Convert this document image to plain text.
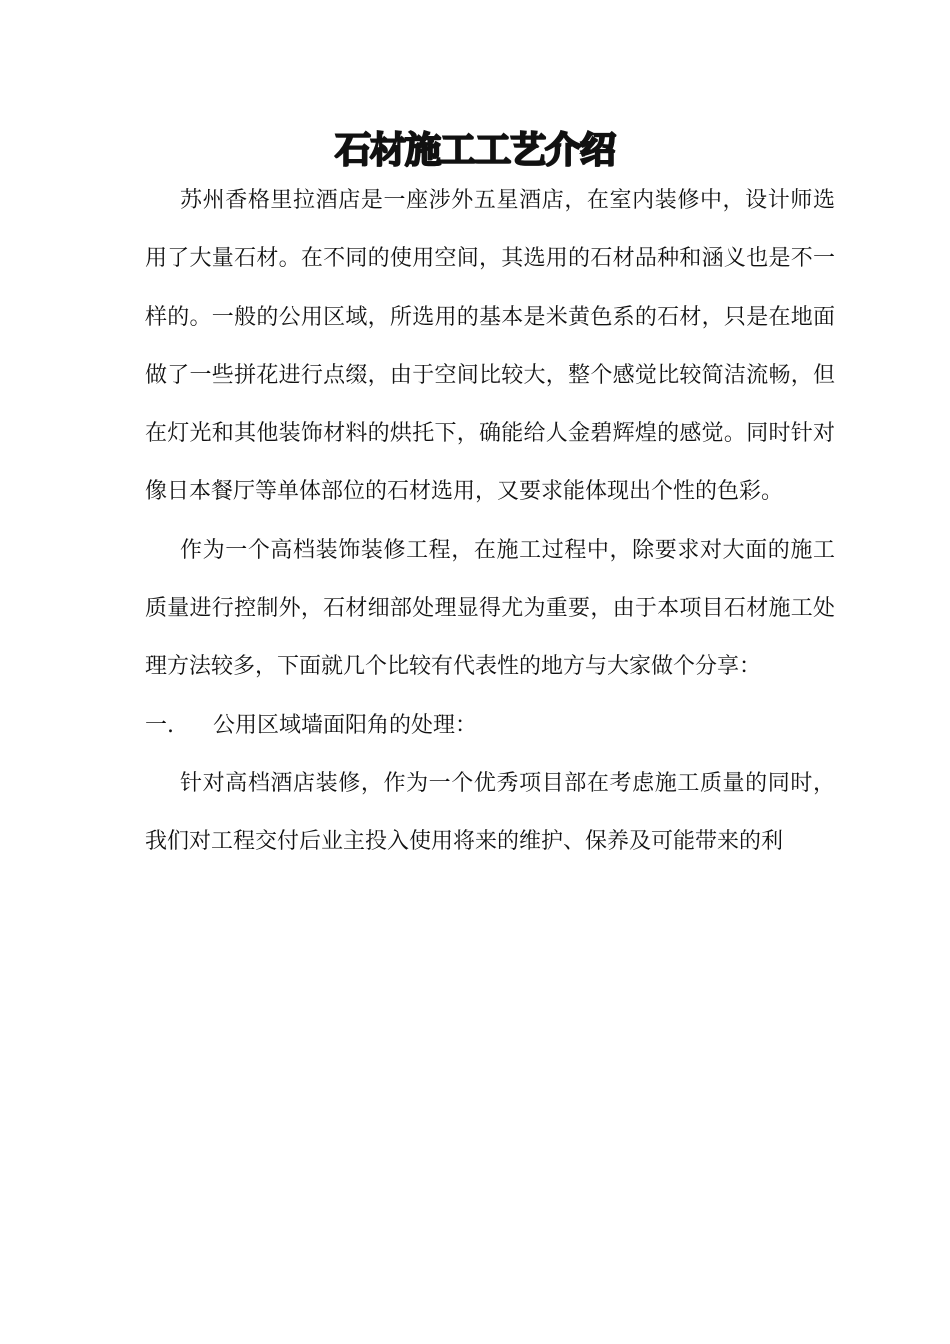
石材施工工艺介绍

苏州香格里拉酒店是一座涉外五星酒店，在室内装修中，设计师选用了大量石材。在不同的使用空间，其选用的石材品种和涵义也是不一样的。一般的公用区域，所选用的基本是米黄色系的石材，只是在地面做了一些拼花进行点缀，由于空间比较大，整个感觉比较简洁流畅，但在灯光和其他装饰材料的烘托下，确能给人金碧辉煌的感觉。同时针对像日本餐厅等单体部位的石材选用，又要求能体现出个性的色彩。

作为一个高档装饰装修工程，在施工过程中，除要求对大面的施工质量进行控制外，石材细部处理显得尤为重要，由于本项目石材施工处理方法较多，下面就几个比较有代表性的地方与大家做个分享：

一.	公用区域墙面阳角的处理：

针对高档酒店装修，作为一个优秀项目部在考虑施工质量的同时，我们对工程交付后业主投入使用将来的维护、保养及可能带来的利
